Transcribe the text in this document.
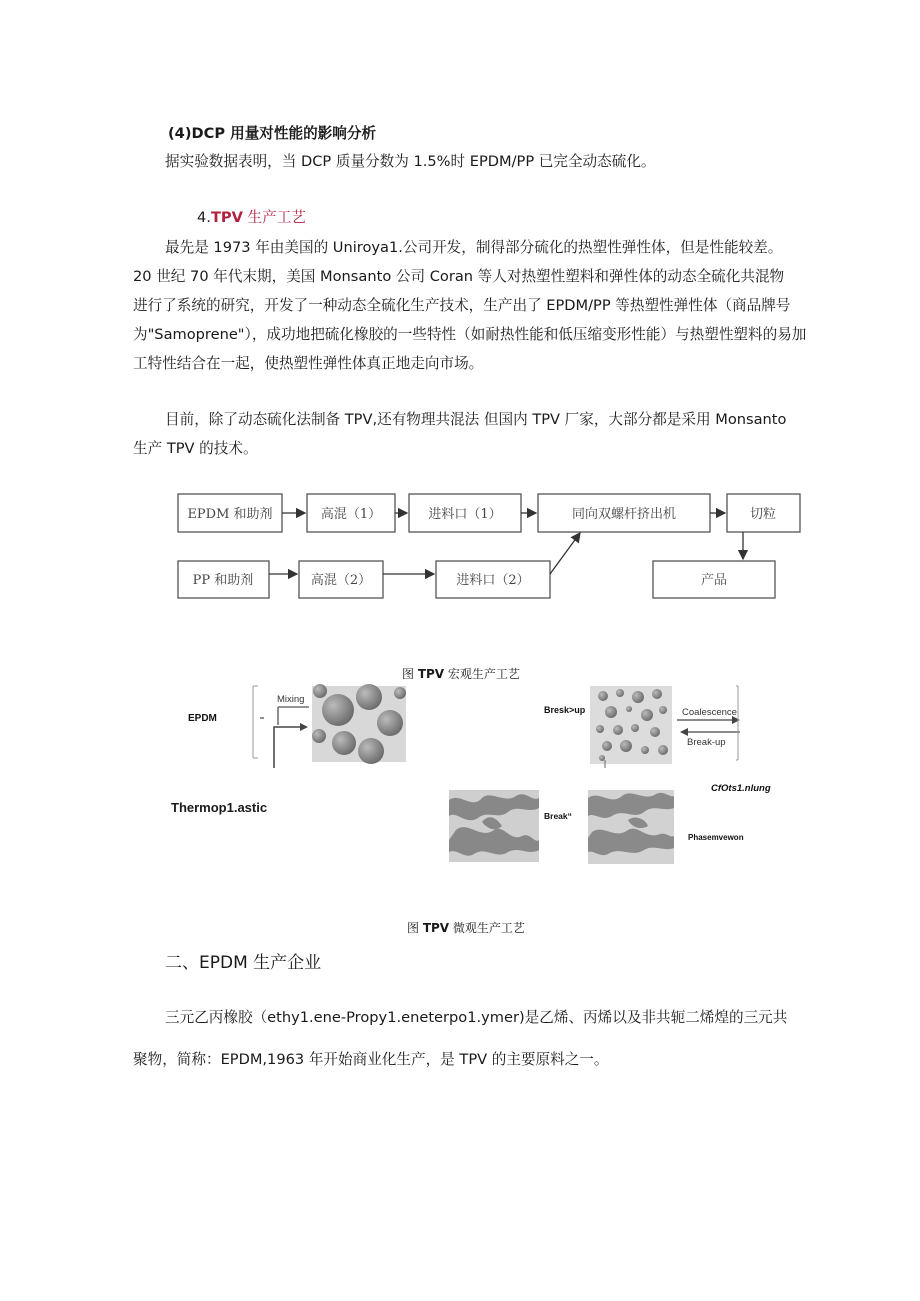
(4)DCP 用量对性能的影响分析
据实验数据表明，当 DCP 质量分数为 1.5%时 EPDM/PP 已完全动态硫化。
4.TPV 生产工艺
最先是 1973 年由美国的 Uniroya1.公司开发，制得部分硫化的热塑性弹性体，但是性能较差。
20 世纪 70 年代末期，美国 Monsanto 公司 Coran 等人对热塑性塑料和弹性体的动态全硫化共混物
进行了系统的研究，开发了一种动态全硫化生产技术，生产出了 EPDM/PP 等热塑性弹性体（商品牌号
为"Samoprene"），成功地把硫化橡胶的一些特性（如耐热性能和低压缩变形性能）与热塑性塑料的易加
工特性结合在一起，使热塑性弹性体真正地走向市场。
目前，除了动态硫化法制备 TPV,还有物理共混法 但国内 TPV 厂家，大部分都是采用 Monsanto
生产 TPV 的技术。
EPDM 和助剂	高混（1）	进料口（1）	同向双螺杆挤出机	切粒
PP 和助剂	高混（2）	进料口（2）	产品
图 TPV 宏观生产工艺
EPDM
Mixing
Bresk>up	Coalescence
Break-up
CfOts1.nlung
Break“
Phasemvewon
Thermop1.astic
图 TPV 微观生产工艺
二、EPDM 生产企业
三元乙丙橡胶（ethy1.ene-Propy1.eneterpo1.ymer)是乙烯、丙烯以及非共轭二烯煌的三元共
聚物，简称：EPDM,1963 年开始商业化生产，是 TPV 的主要原料之一。
